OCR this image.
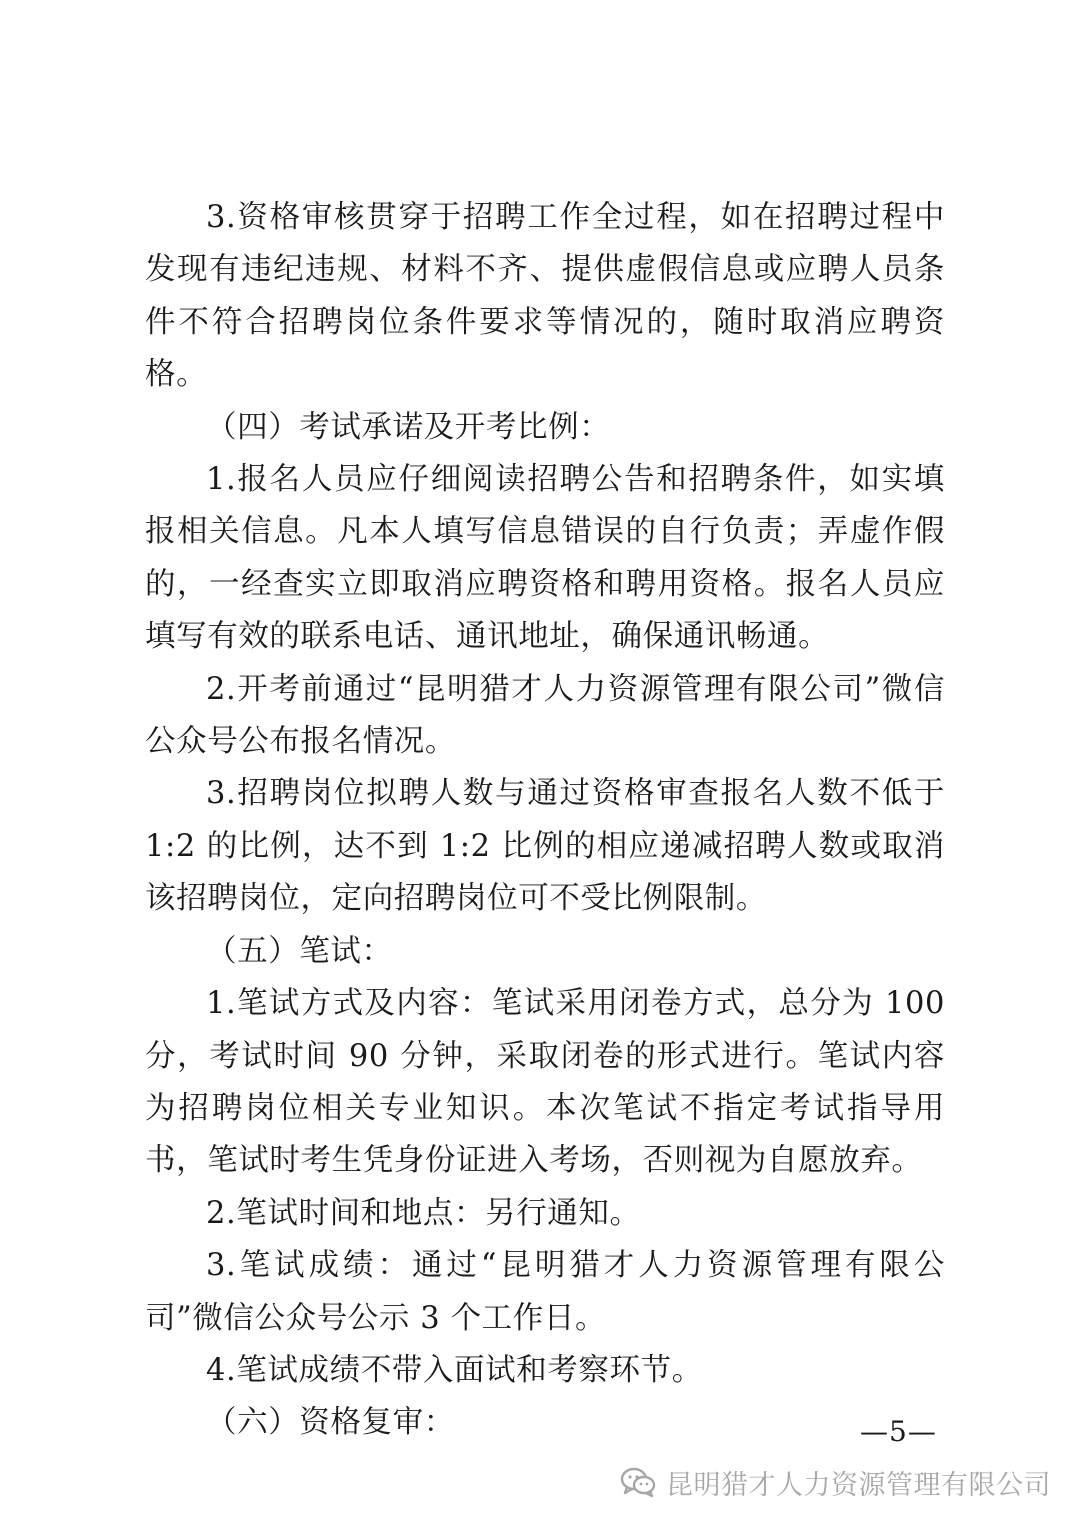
3.资格审核贯穿于招聘工作全过程，如在招聘过程中发现有违纪违规、材料不齐、提供虚假信息或应聘人员条件不符合招聘岗位条件要求等情况的，随时取消应聘资格。

（四）考试承诺及开考比例：

1.报名人员应仔细阅读招聘公告和招聘条件，如实填报相关信息。凡本人填写信息错误的自行负责；弄虚作假的，一经查实立即取消应聘资格和聘用资格。报名人员应填写有效的联系电话、通讯地址，确保通讯畅通。

2.开考前通过“昆明猎才人力资源管理有限公司”微信公众号公布报名情况。

3.招聘岗位拟聘人数与通过资格审查报名人数不低于 1:2 的比例，达不到 1:2 比例的相应递减招聘人数或取消该招聘岗位，定向招聘岗位可不受比例限制。

（五）笔试：

1.笔试方式及内容：笔试采用闭卷方式，总分为 100 分，考试时间 90 分钟，采取闭卷的形式进行。笔试内容为招聘岗位相关专业知识。本次笔试不指定考试指导用书，笔试时考生凭身份证进入考场，否则视为自愿放弃。

2.笔试时间和地点：另行通知。

3.笔试成绩：通过“昆明猎才人力资源管理有限公司”微信公众号公示 3 个工作日。

4.笔试成绩不带入面试和考察环节。

（六）资格复审：	—5—
昆明猎才人力资源管理有限公司
